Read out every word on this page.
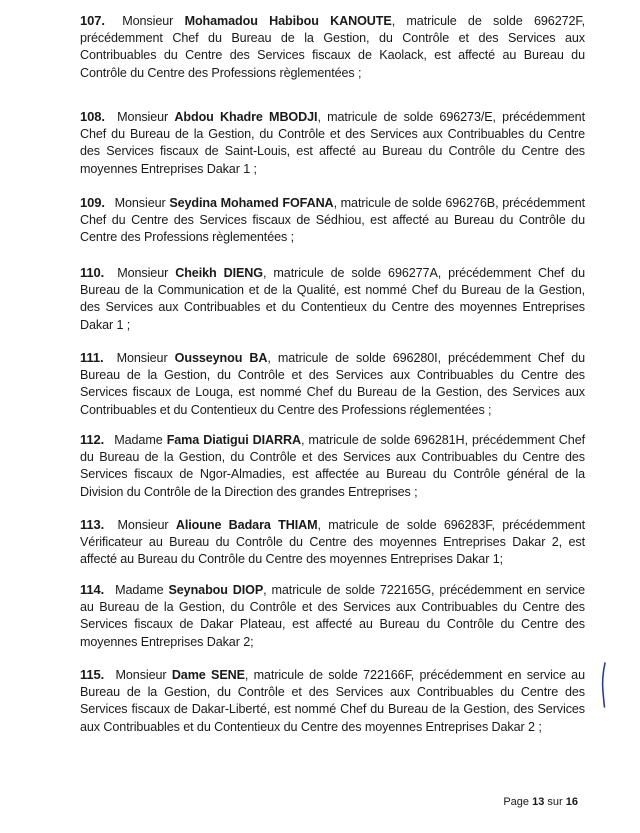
107. Monsieur Mohamadou Habibou KANOUTE, matricule de solde 696272F, précédemment Chef du Bureau de la Gestion, du Contrôle et des Services aux Contribuables du Centre des Services fiscaux de Kaolack, est affecté au Bureau du Contrôle du Centre des Professions règlementées ;
108. Monsieur Abdou Khadre MBODJI, matricule de solde 696273/E, précédemment Chef du Bureau de la Gestion, du Contrôle et des Services aux Contribuables du Centre des Services fiscaux de Saint-Louis, est affecté au Bureau du Contrôle du Centre des moyennes Entreprises Dakar 1 ;
109. Monsieur Seydina Mohamed FOFANA, matricule de solde 696276B, précédemment Chef du Centre des Services fiscaux de Sédhiou, est affecté au Bureau du Contrôle du Centre des Professions règlementées ;
110. Monsieur Cheikh DIENG, matricule de solde 696277A, précédemment Chef du Bureau de la Communication et de la Qualité, est nommé Chef du Bureau de la Gestion, des Services aux Contribuables et du Contentieux du Centre des moyennes Entreprises Dakar 1 ;
111. Monsieur Ousseynou BA, matricule de solde 696280I, précédemment Chef du Bureau de la Gestion, du Contrôle et des Services aux Contribuables du Centre des Services fiscaux de Louga, est nommé Chef du Bureau de la Gestion, des Services aux Contribuables et du Contentieux du Centre des Professions réglementées ;
112. Madame Fama Diatigui DIARRA, matricule de solde 696281H, précédemment Chef du Bureau de la Gestion, du Contrôle et des Services aux Contribuables du Centre des Services fiscaux de Ngor-Almadies, est affectée au Bureau du Contrôle général de la Division du Contrôle de la Direction des grandes Entreprises ;
113. Monsieur Alioune Badara THIAM, matricule de solde 696283F, précédemment Vérificateur au Bureau du Contrôle du Centre des moyennes Entreprises Dakar 2, est affecté au Bureau du Contrôle du Centre des moyennes Entreprises Dakar 1;
114. Madame Seynabou DIOP, matricule de solde 722165G, précédemment en service au Bureau de la Gestion, du Contrôle et des Services aux Contribuables du Centre des Services fiscaux de Dakar Plateau, est affecté au Bureau du Contrôle du Centre des moyennes Entreprises Dakar 2;
115. Monsieur Dame SENE, matricule de solde 722166F, précédemment en service au Bureau de la Gestion, du Contrôle et des Services aux Contribuables du Centre des Services fiscaux de Dakar-Liberté, est nommé Chef du Bureau de la Gestion, des Services aux Contribuables et du Contentieux du Centre des moyennes Entreprises Dakar 2 ;
Page 13 sur 16
